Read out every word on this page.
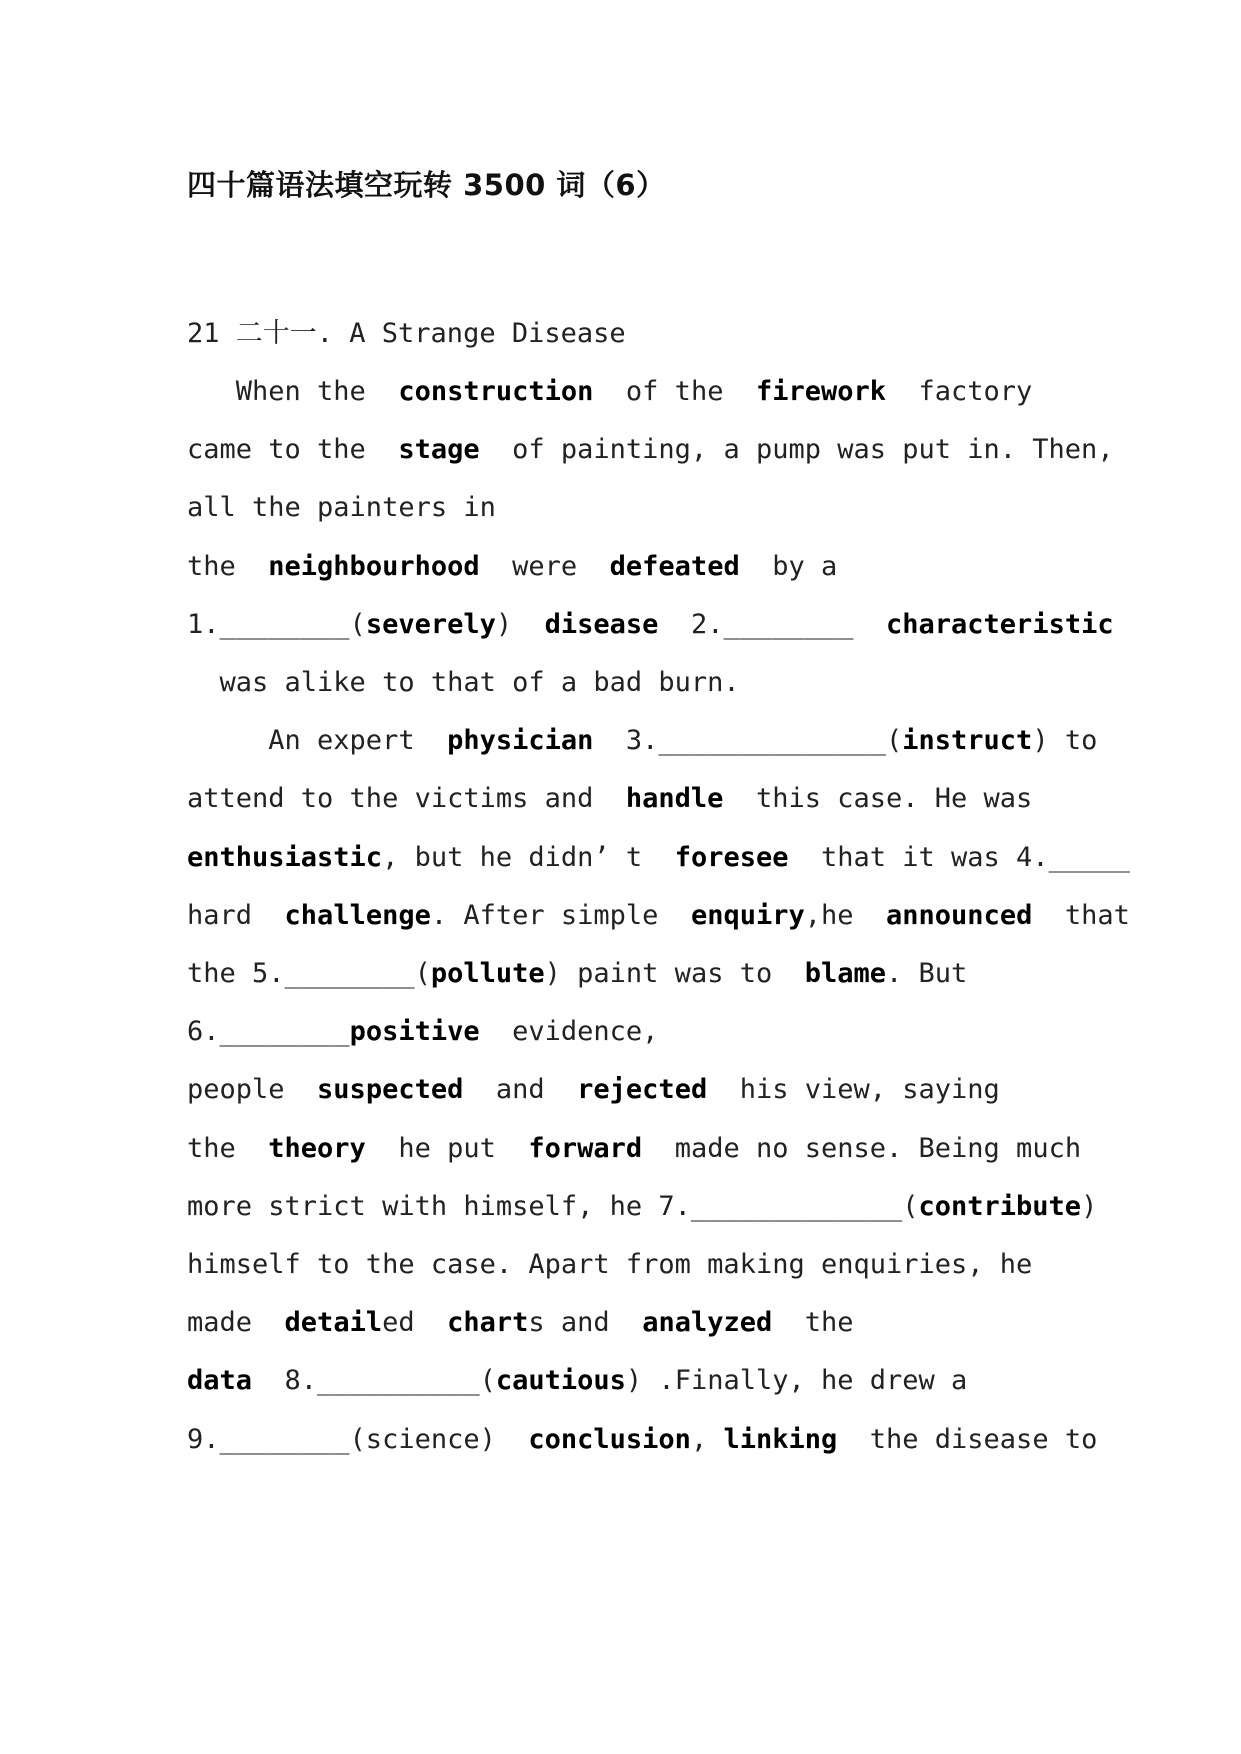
四十篇语法填空玩转 3500 词（6）
21 二十一. A Strange Disease
When the  construction  of the  firework  factory
came to the  stage  of painting, a pump was put in. Then,
all the painters in
the  neighbourhood  were  defeated  by a
1.________(severely)  disease  2.________  characteristic
was alike to that of a bad burn.
An expert  physician  3.______________(instruct) to
attend to the victims and  handle  this case. He was
enthusiastic, but he didn’ t  foresee  that it was 4._____
hard  challenge. After simple  enquiry,he  announced  that
the 5.________(pollute) paint was to  blame. But
6.________positive  evidence,
people  suspected  and  rejected  his view, saying
the  theory  he put  forward  made no sense. Being much
more strict with himself, he 7._____________(contribute)
himself to the case. Apart from making enquiries, he
made  detailed  charts and  analyzed  the
data  8.__________(cautious) .Finally, he drew a
9.________(science)  conclusion, linking  the disease to
